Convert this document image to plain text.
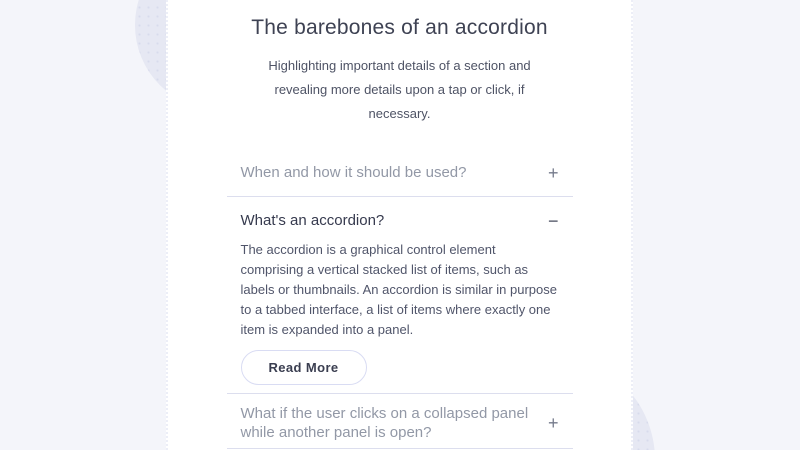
The barebones of an accordion

Highlighting important details of a section and revealing more details upon a tap or click, if necessary.

When and how it should be used?	+
What's an accordion?	−

The accordion is a graphical control element comprising a vertical stacked list of items, such as labels or thumbnails. An accordion is similar in purpose to a tabbed interface, a list of items where exactly one item is expanded into a panel.

Read More
What if the user clicks on a collapsed panel while another panel is open?	+
